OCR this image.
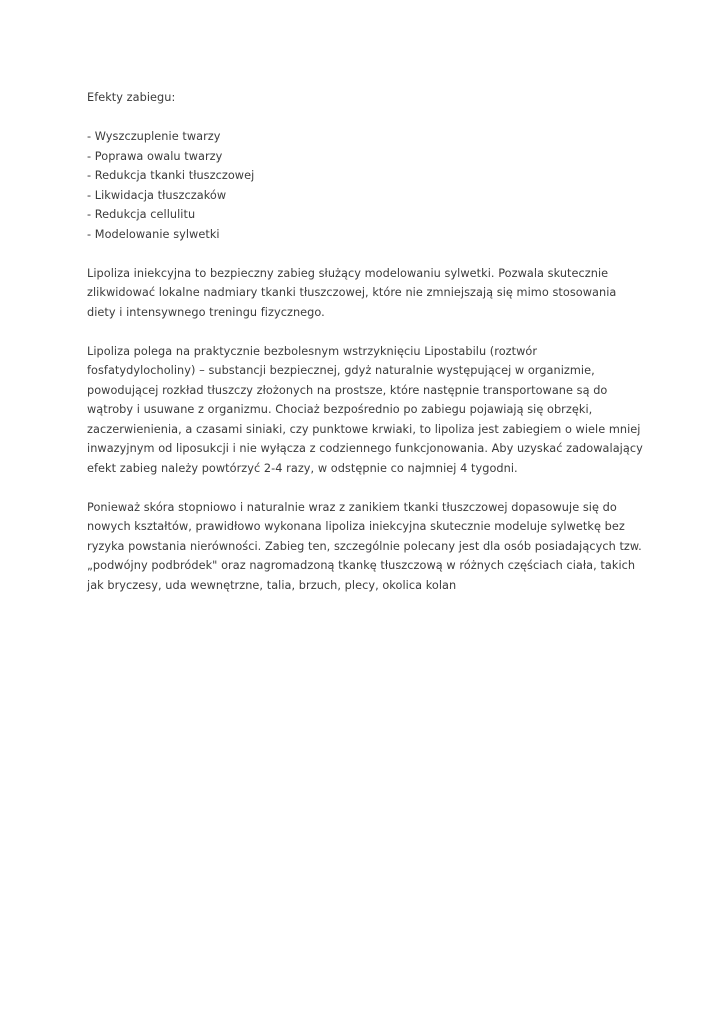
Efekty zabiegu:

- Wyszczuplenie twarzy
- Poprawa owalu twarzy
- Redukcja tkanki tłuszczowej
- Likwidacja tłuszczaków
- Redukcja cellulitu
- Modelowanie sylwetki

Lipoliza iniekcyjna to bezpieczny zabieg służący modelowaniu sylwetki. Pozwala skutecznie zlikwidować lokalne nadmiary tkanki tłuszczowej, które nie zmniejszają się mimo stosowania diety i intensywnego treningu fizycznego.

Lipoliza polega na praktycznie bezbolesnym wstrzyknięciu Lipostabilu (roztwór fosfatydylocholiny) – substancji bezpiecznej, gdyż naturalnie występującej w organizmie, powodującej rozkład tłuszczy złożonych na prostsze, które następnie transportowane są do wątroby i usuwane z organizmu. Chociaż bezpośrednio po zabiegu pojawiają się obrzęki, zaczerwienienia, a czasami siniaki, czy punktowe krwiaki, to lipoliza jest zabiegiem o wiele mniej inwazyjnym od liposukcji i nie wyłącza z codziennego funkcjonowania. Aby uzyskać zadowalający efekt zabieg należy powtórzyć 2-4 razy, w odstępnie co najmniej 4 tygodni.

Ponieważ skóra stopniowo i naturalnie wraz z zanikiem tkanki tłuszczowej dopasowuje się do nowych kształtów, prawidłowo wykonana lipoliza iniekcyjna skutecznie modeluje sylwetkę bez ryzyka powstania nierówności. Zabieg ten, szczególnie polecany jest dla osób posiadających tzw. „podwójny podbródek" oraz nagromadzoną tkankę tłuszczową w różnych częściach ciała, takich jak bryczesy, uda wewnętrzne, talia, brzuch, plecy, okolica kolan
